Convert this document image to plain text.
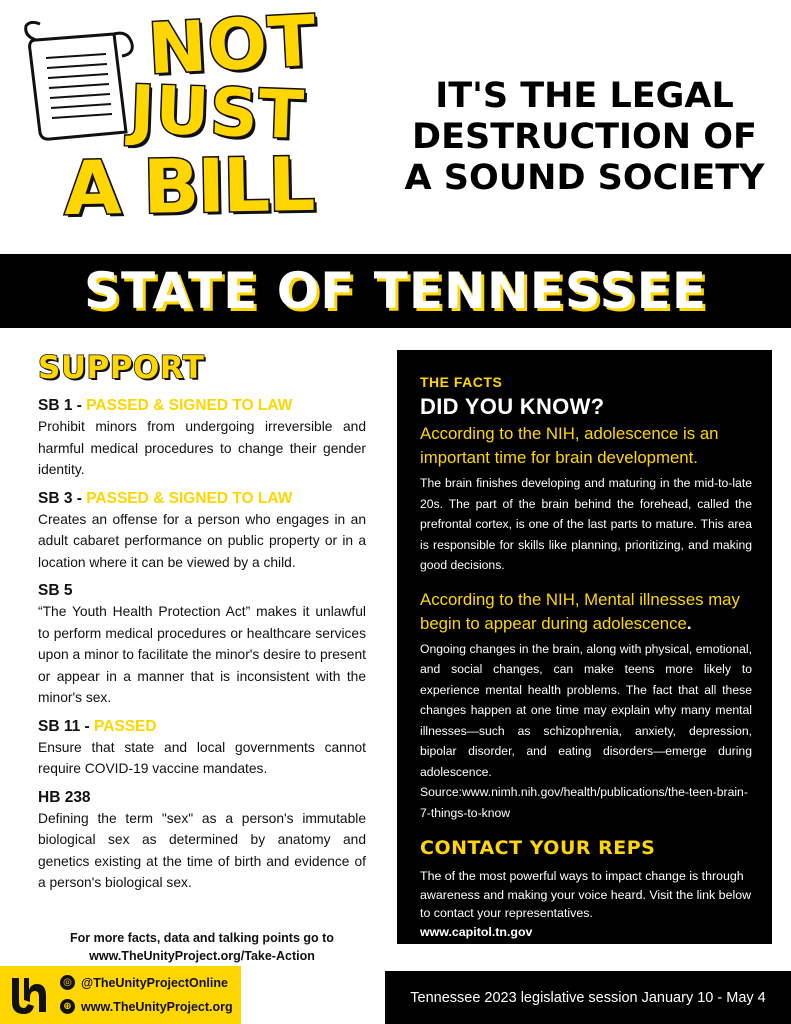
NOT
JUST
A BILL
IT'S THE LEGAL
DESTRUCTION OF
A SOUND SOCIETY
STATE OF TENNESSEE
SUPPORT
SB 1 - PASSED & SIGNED TO LAW
Prohibit minors from undergoing irreversible and harmful medical procedures to change their gender identity.
SB 3 - PASSED & SIGNED TO LAW
Creates an offense for a person who engages in an adult cabaret performance on public property or in a location where it can be viewed by a child.
SB 5
“The Youth Health Protection Act” makes it unlawful to perform medical procedures or healthcare services upon a minor to facilitate the minor's desire to present or appear in a manner that is inconsistent with the minor's sex.
SB 11 - PASSED
Ensure that state and local governments cannot require COVID-19 vaccine mandates.
HB 238
Defining the term "sex" as a person's immutable biological sex as determined by anatomy and genetics existing at the time of birth and evidence of a person's biological sex.
For more facts, data and talking points go to
www.TheUnityProject.org/Take-Action
THE FACTS
DID YOU KNOW?
According to the NIH, adolescence is an important time for brain development.
The brain finishes developing and maturing in the mid-to-late 20s. The part of the brain behind the forehead, called the prefrontal cortex, is one of the last parts to mature. This area is responsible for skills like planning, prioritizing, and making good decisions.
According to the NIH, Mental illnesses may begin to appear during adolescence.
Ongoing changes in the brain, along with physical, emotional, and social changes, can make teens more likely to experience mental health problems. The fact that all these changes happen at one time may explain why many mental illnesses—such as schizophrenia, anxiety, depression, bipolar disorder, and eating disorders—emerge during adolescence.
Source:www.nimh.nih.gov/health/publications/the-teen-brain-7-things-to-know
CONTACT YOUR REPS
The of the most powerful ways to impact change is through awareness and making your voice heard. Visit the link below to contact your representatives.
www.capitol.tn.gov
◎ @TheUnityProjectOnline
⊕ www.TheUnityProject.org
Tennessee 2023 legislative session January 10 - May 4
